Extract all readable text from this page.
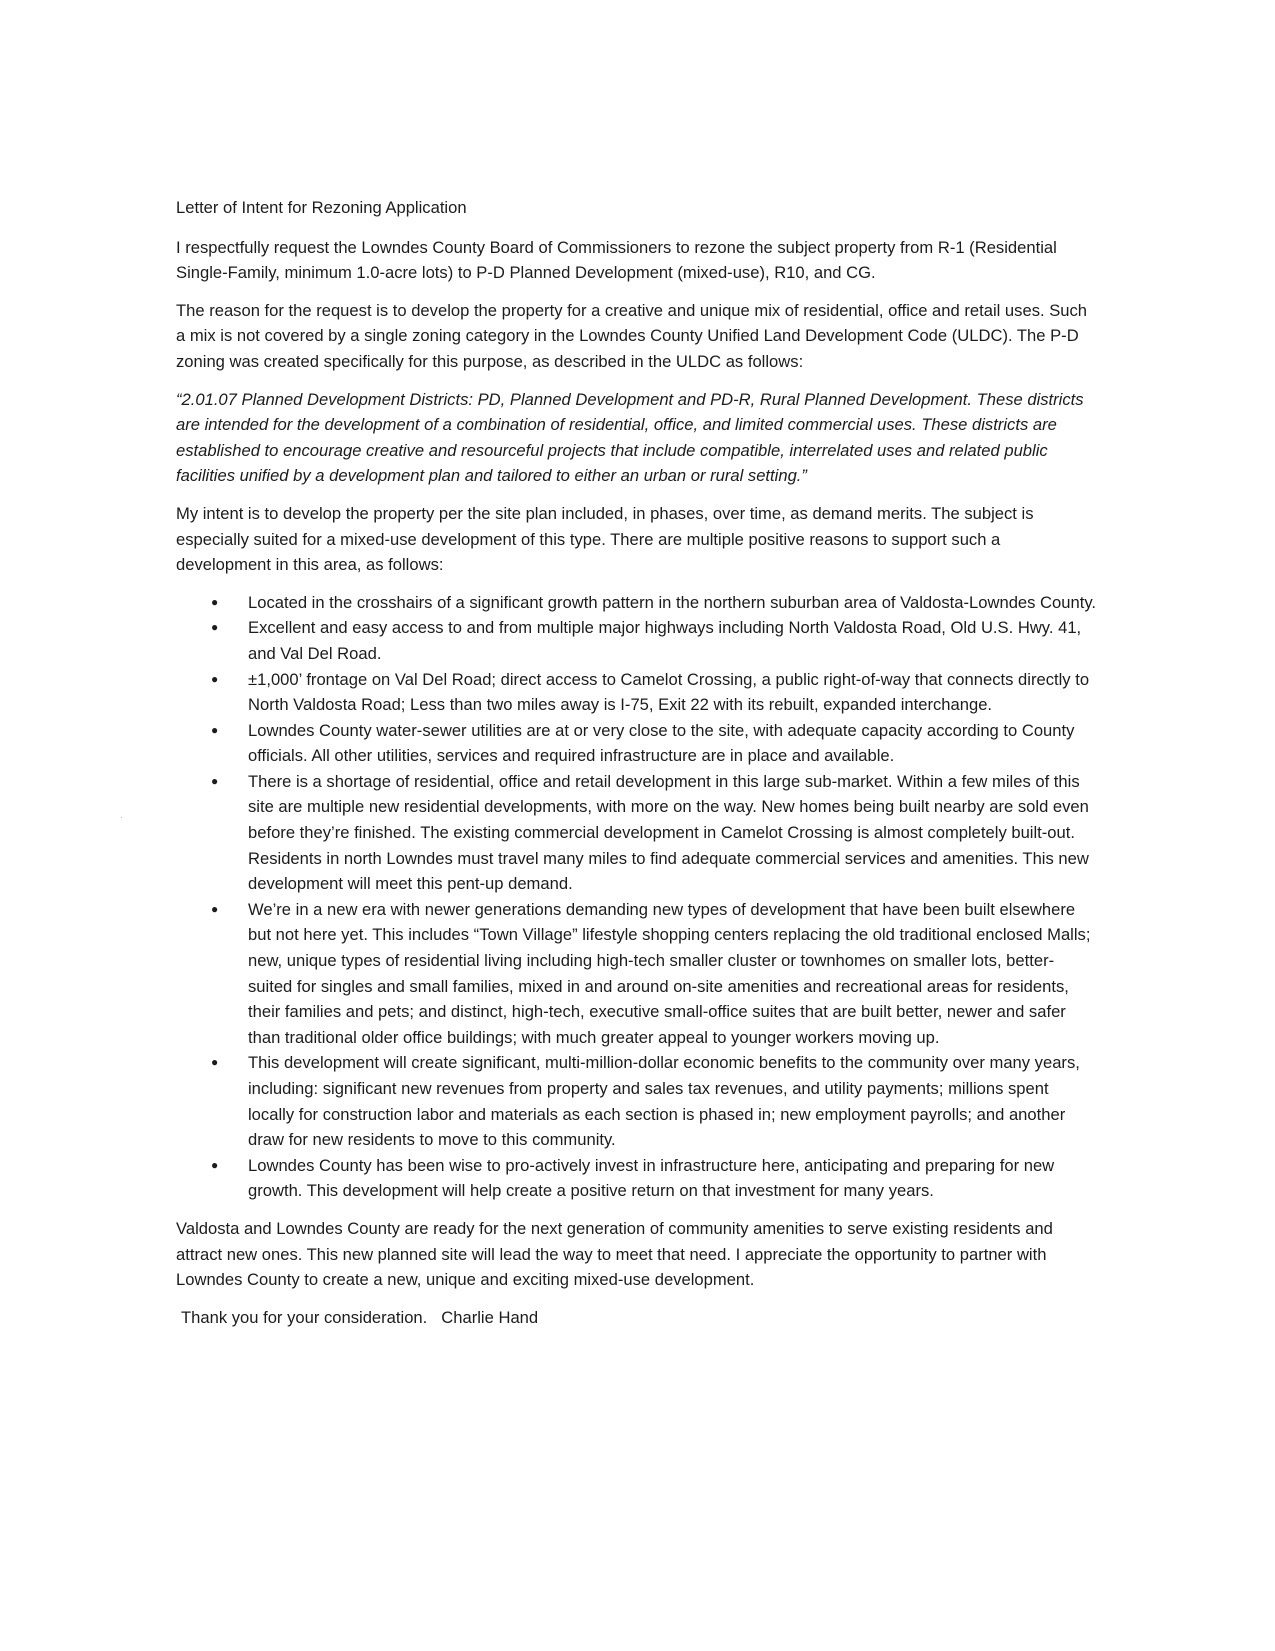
Letter of Intent for Rezoning Application

I respectfully request the Lowndes County Board of Commissioners to rezone the subject property from R-1 (Residential Single-Family, minimum 1.0-acre lots) to P-D Planned Development (mixed-use), R10, and CG.

The reason for the request is to develop the property for a creative and unique mix of residential, office and retail uses. Such a mix is not covered by a single zoning category in the Lowndes County Unified Land Development Code (ULDC). The P-D zoning was created specifically for this purpose, as described in the ULDC as follows:

“2.01.07 Planned Development Districts: PD, Planned Development and PD-R, Rural Planned Development. These districts are intended for the development of a combination of residential, office, and limited commercial uses. These districts are established to encourage creative and resourceful projects that include compatible, interrelated uses and related public facilities unified by a development plan and tailored to either an urban or rural setting.”

My intent is to develop the property per the site plan included, in phases, over time, as demand merits. The subject is especially suited for a mixed-use development of this type. There are multiple positive reasons to support such a development in this area, as follows:

● Located in the crosshairs of a significant growth pattern in the northern suburban area of Valdosta-Lowndes County.
● Excellent and easy access to and from multiple major highways including North Valdosta Road, Old U.S. Hwy. 41, and Val Del Road.
● ±1,000’ frontage on Val Del Road; direct access to Camelot Crossing, a public right-of-way that connects directly to North Valdosta Road; Less than two miles away is I-75, Exit 22 with its rebuilt, expanded interchange.
● Lowndes County water-sewer utilities are at or very close to the site, with adequate capacity according to County officials. All other utilities, services and required infrastructure are in place and available.
● There is a shortage of residential, office and retail development in this large sub-market. Within a few miles of this site are multiple new residential developments, with more on the way. New homes being built nearby are sold even before they’re finished. The existing commercial development in Camelot Crossing is almost completely built-out. Residents in north Lowndes must travel many miles to find adequate commercial services and amenities. This new development will meet this pent-up demand.
● We’re in a new era with newer generations demanding new types of development that have been built elsewhere but not here yet. This includes “Town Village” lifestyle shopping centers replacing the old traditional enclosed Malls; new, unique types of residential living including high-tech smaller cluster or townhomes on smaller lots, better-suited for singles and small families, mixed in and around on-site amenities and recreational areas for residents, their families and pets; and distinct, high-tech, executive small-office suites that are built better, newer and safer than traditional older office buildings; with much greater appeal to younger workers moving up.
● This development will create significant, multi-million-dollar economic benefits to the community over many years, including: significant new revenues from property and sales tax revenues, and utility payments; millions spent locally for construction labor and materials as each section is phased in; new employment payrolls; and another draw for new residents to move to this community.
● Lowndes County has been wise to pro-actively invest in infrastructure here, anticipating and preparing for new growth. This development will help create a positive return on that investment for many years.

Valdosta and Lowndes County are ready for the next generation of community amenities to serve existing residents and attract new ones. This new planned site will lead the way to meet that need. I appreciate the opportunity to partner with Lowndes County to create a new, unique and exciting mixed-use development.

Thank you for your consideration. Charlie Hand
